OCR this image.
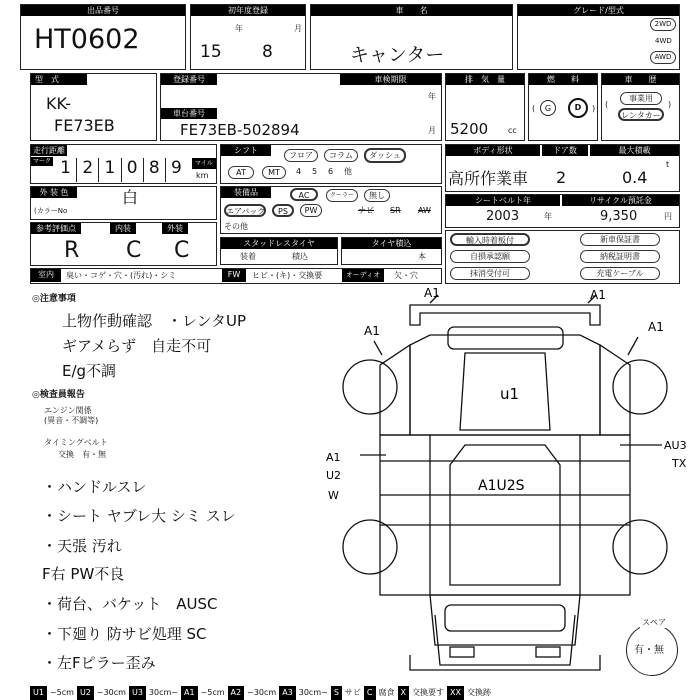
出品番号
HT0602
初年度登録
年	月
15 8
車　　名
キャンター
グレード/型式
2WD
4WD
AWD
型　式
KK-
FE73EB
登録番号	車検期限
年
月
車台番号
FE73EB-502894
排　気　量
5200 cc
燃　　料
(	G	D	)
車　　歴
(
事業用
レンタカー
)
走行距離
マーク 1 2 1 0 8 9	マイル
km
シフト
フロア	コラム	ダッシュ
AT	MT	4 5 6 他
ボディ形状	ドア数	最大積載
高所作業車 2	0.4
t
外 装 色	白
(カラーNo
装備品	AC	クーラー	無し
エアバッグ	PS	PW	ナビ SR AW
その他
シートベルト年	リサイクル預託金
2003	年	9,350	円
参考評価点	内装	外装
R C C	スタッドレスタイヤ
装着	積込
タイヤ積込
本
輸入時着板付	新車保証書
自損承認願	納税証明書
抹消受付可	充電ケーブル
室内	臭い・コゲ・穴・(汚れ)・シミ	FW	ヒビ・(キ)・交換要	オーディオ	欠・穴
◎注意事項
上物作動確認　・レンタUP
ギアメらず　自走不可
E/g不調
◎検査員報告
エンジン関係
(異音・不調等)
タイミングベルト
交換　有・無
・ハンドルスレ
・シート ヤブレ大 シミ スレ
・天張 汚れ
F右 PW不良
・荷台、バケット　AUSC
・下廻り 防サビ処理 SC
・左Fピラー歪み
A1	A1
A1	A1
u1
A1U2S
A1
U2
W
AU3
TX
スペア
有・無
U1 ~5cm U2 ~30cm U3 30cm~ A1 ~5cm A2 ~30cm A3 30cm~ S サビ C 腐食 X 交換要す XX 交換跡
